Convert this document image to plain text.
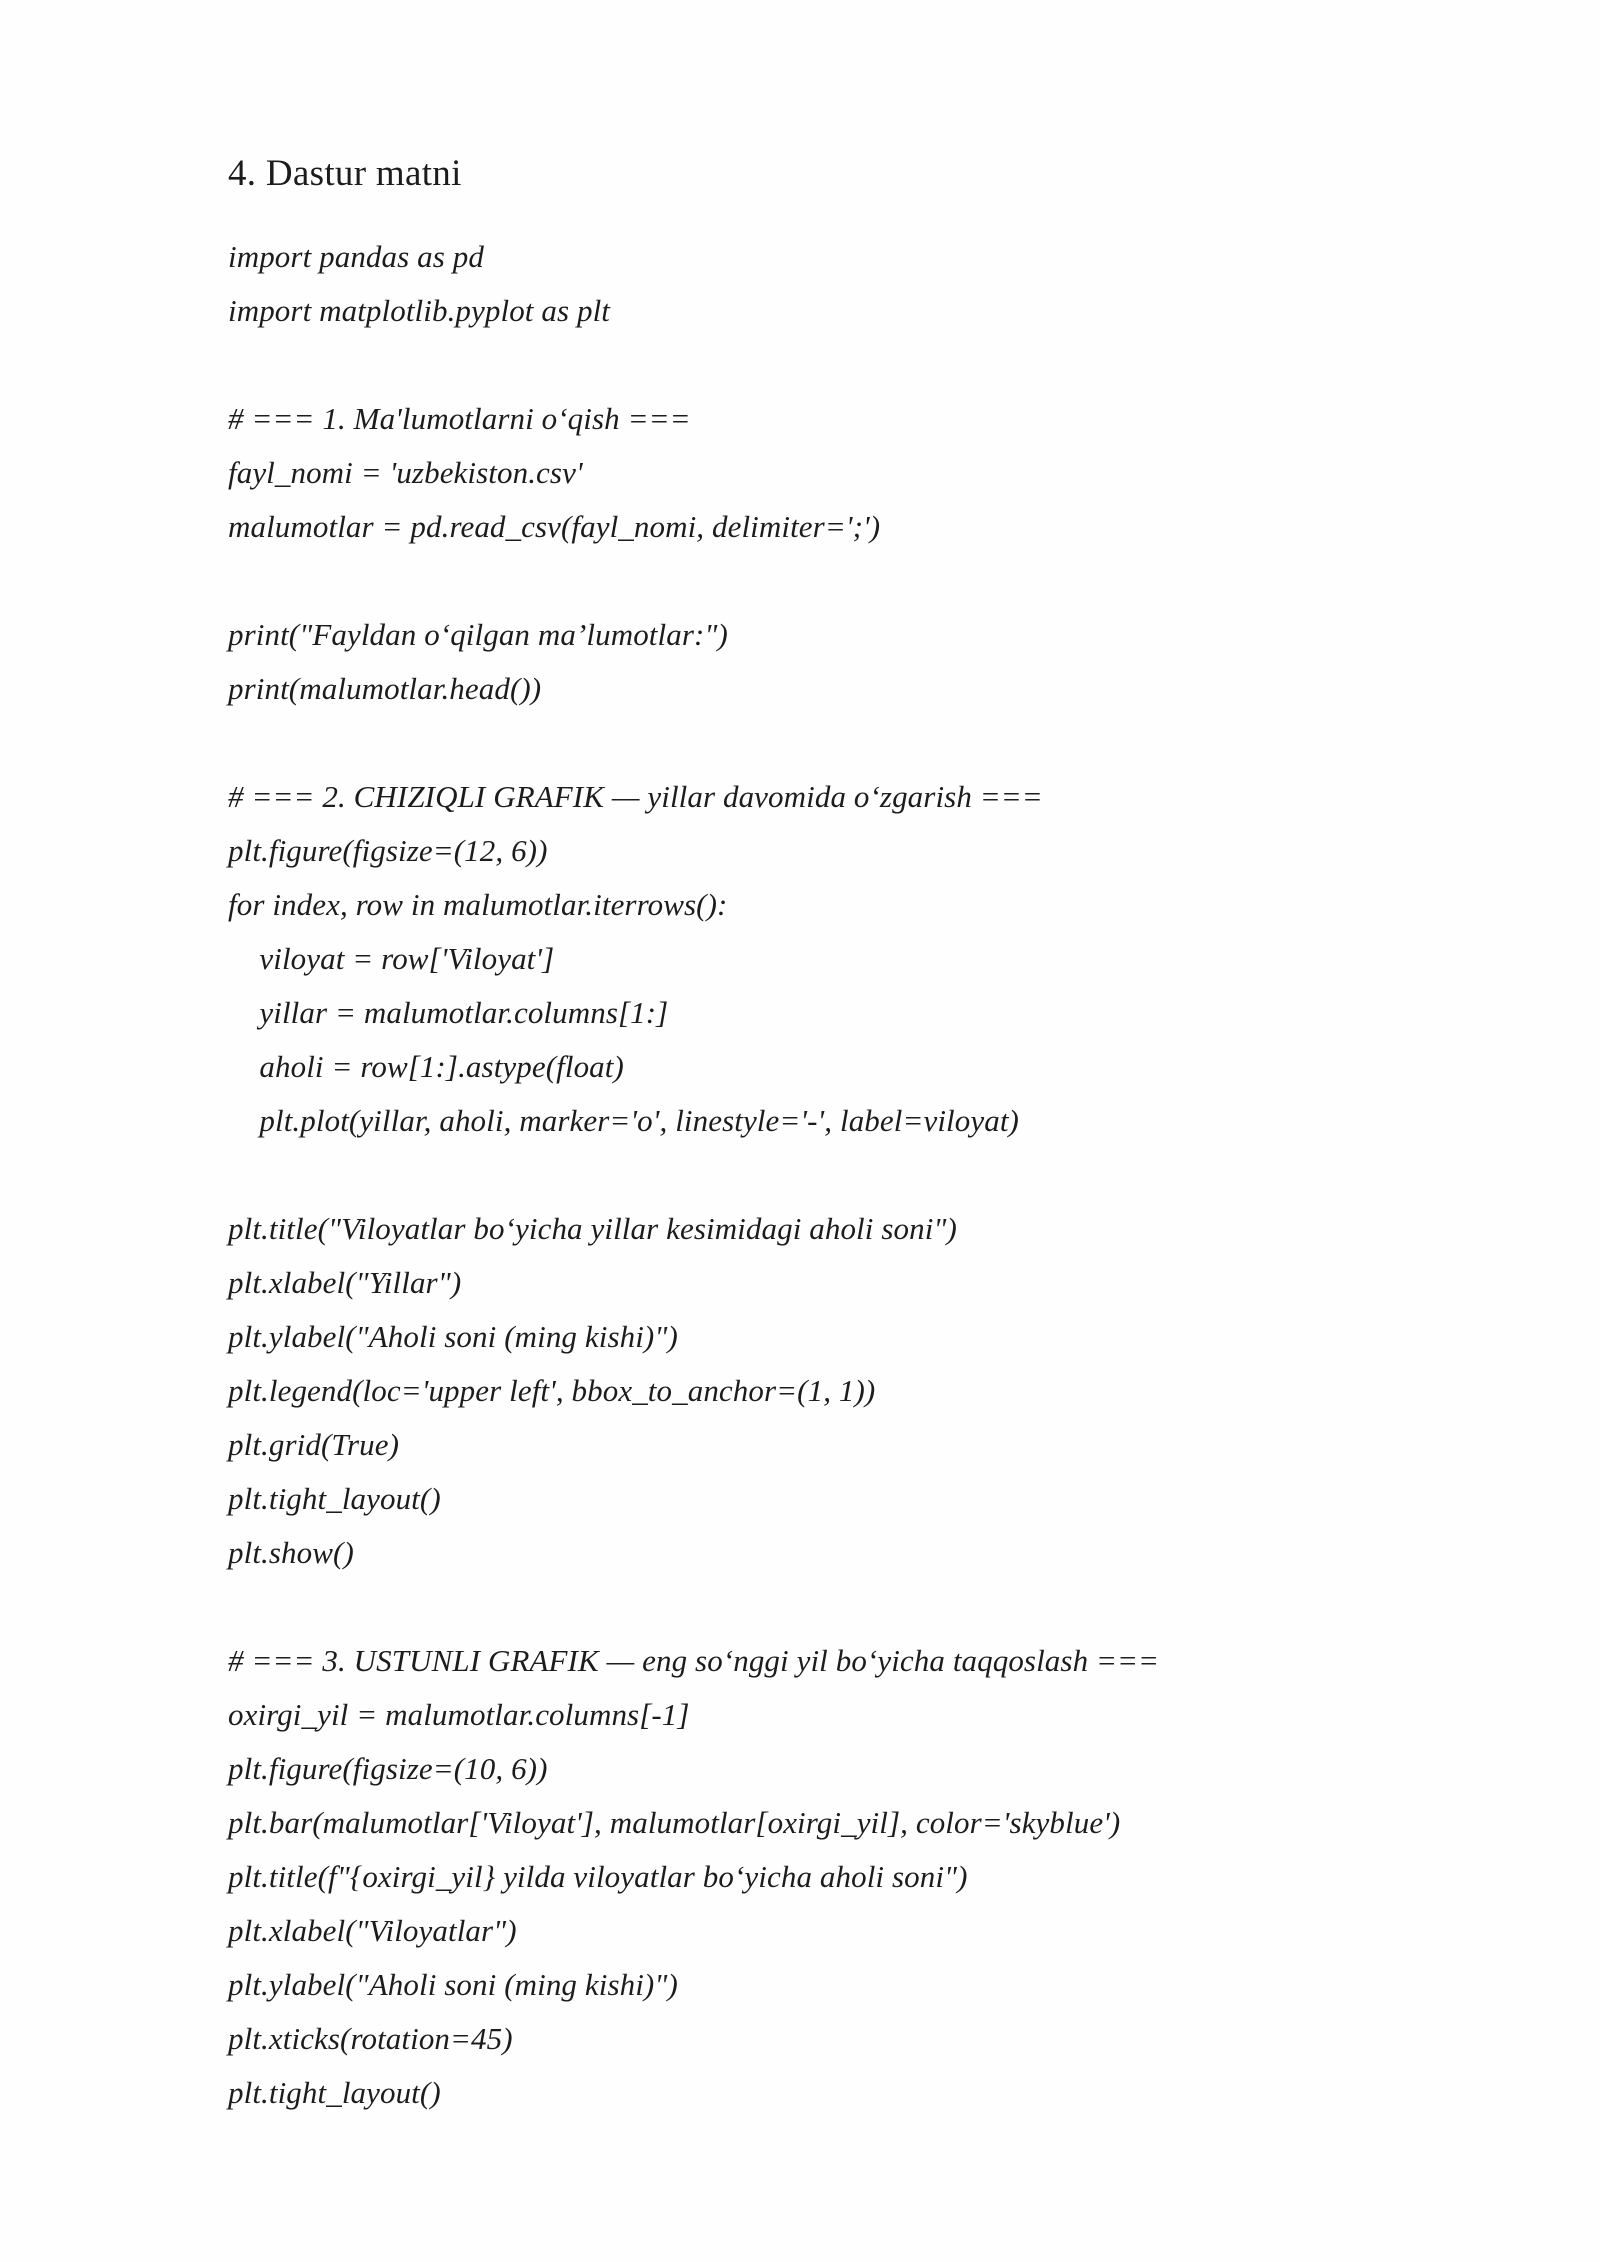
4. Dastur matni
import pandas as pd
import matplotlib.pyplot as plt

# === 1. Ma'lumotlarni o‘qish ===
fayl_nomi = 'uzbekiston.csv'
malumotlar = pd.read_csv(fayl_nomi, delimiter=';')

print("Fayldan o‘qilgan ma’lumotlar:")
print(malumotlar.head())

# === 2. CHIZIQLI GRAFIK — yillar davomida o‘zgarish ===
plt.figure(figsize=(12, 6))
for index, row in malumotlar.iterrows():
viloyat = row['Viloyat']
yillar = malumotlar.columns[1:]
aholi = row[1:].astype(float)
plt.plot(yillar, aholi, marker='o', linestyle='-', label=viloyat)

plt.title("Viloyatlar bo‘yicha yillar kesimidagi aholi soni")
plt.xlabel("Yillar")
plt.ylabel("Aholi soni (ming kishi)")
plt.legend(loc='upper left', bbox_to_anchor=(1, 1))
plt.grid(True)
plt.tight_layout()
plt.show()

# === 3. USTUNLI GRAFIK — eng so‘nggi yil bo‘yicha taqqoslash ===
oxirgi_yil = malumotlar.columns[-1]
plt.figure(figsize=(10, 6))
plt.bar(malumotlar['Viloyat'], malumotlar[oxirgi_yil], color='skyblue')
plt.title(f"{oxirgi_yil} yilda viloyatlar bo‘yicha aholi soni")
plt.xlabel("Viloyatlar")
plt.ylabel("Aholi soni (ming kishi)")
plt.xticks(rotation=45)
plt.tight_layout()
